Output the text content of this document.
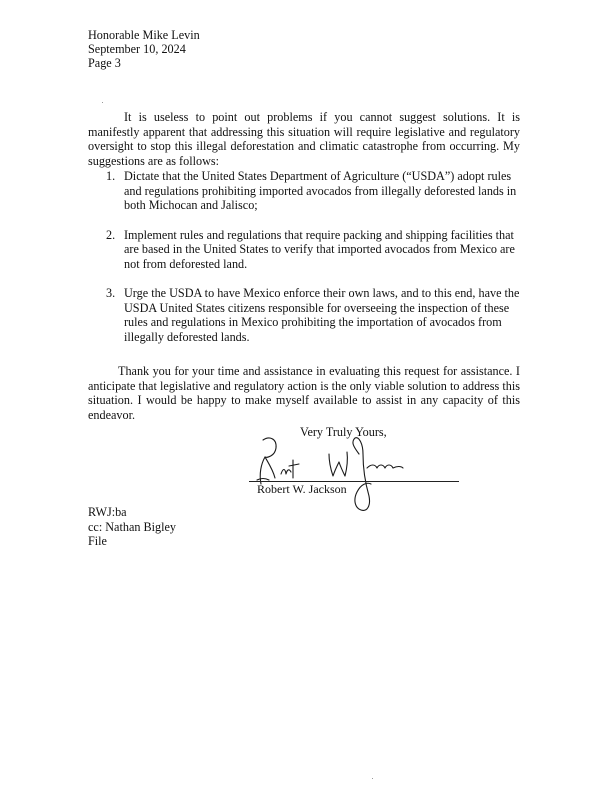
Honorable Mike Levin
September 10, 2024
Page 3

It is useless to point out problems if you cannot suggest solutions. It is manifestly apparent that addressing this situation will require legislative and regulatory oversight to stop this illegal deforestation and climatic catastrophe from occurring. My suggestions are as follows:

1. Dictate that the United States Department of Agriculture (“USDA”) adopt rules and regulations prohibiting imported avocados from illegally deforested lands in both Michocan and Jalisco;
2. Implement rules and regulations that require packing and shipping facilities that are based in the United States to verify that imported avocados from Mexico are not from deforested land.
3. Urge the USDA to have Mexico enforce their own laws, and to this end, have the USDA United States citizens responsible for overseeing the inspection of these rules and regulations in Mexico prohibiting the importation of avocados from illegally deforested lands.

Thank you for your time and assistance in evaluating this request for assistance. I anticipate that legislative and regulatory action is the only viable solution to address this situation. I would be happy to make myself available to assist in any capacity of this endeavor.

Very Truly Yours,
Robert W. Jackson
RWJ:ba
cc: Nathan Bigley
File
